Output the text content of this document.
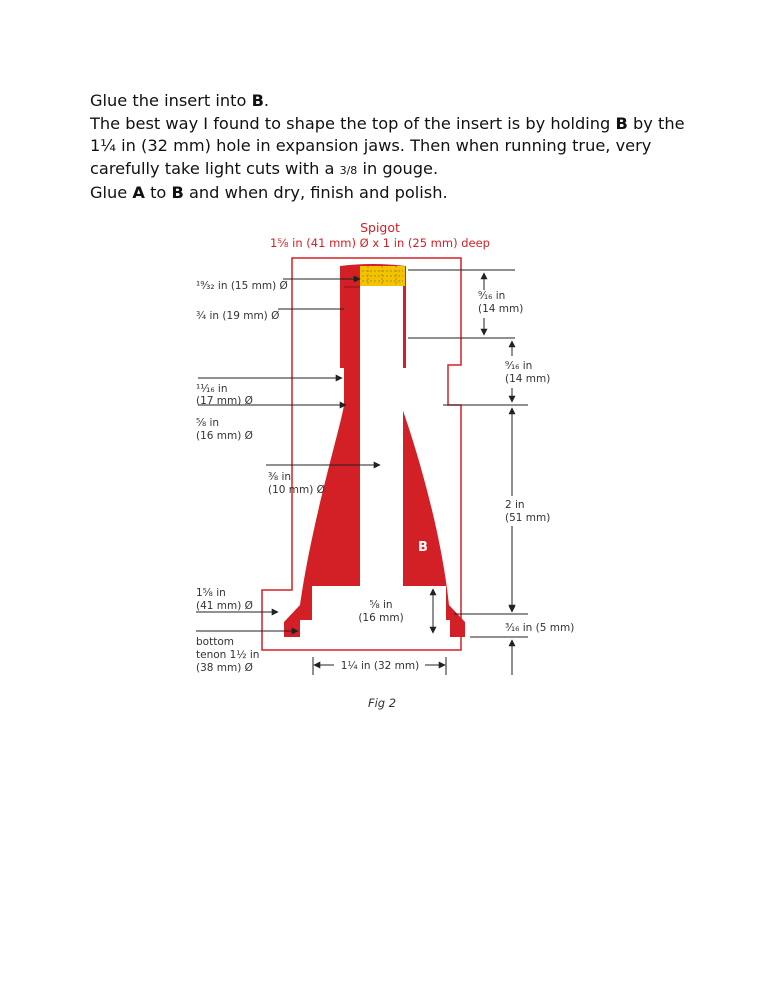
Glue the insert into B.
The best way I found to shape the top of the insert is by holding B by the
1¼ in (32 mm) hole in expansion jaws. Then when running true, very
carefully take light cuts with a 3/8 in gouge.
Glue A to B and when dry, finish and polish.
Spigot
1⅝ in (41 mm) Ø x 1 in (25 mm) deep
¹⁹⁄₃₂ in (15 mm) Ø
¾ in (19 mm) Ø
¹¹⁄₁₆ in
(17 mm) Ø
⅝ in
(16 mm) Ø
⅜ in
(10 mm) Ø
1⅝ in
(41 mm) Ø
bottom
tenon 1½ in
(38 mm) Ø
⁹⁄₁₆ in
(14 mm)
⁹⁄₁₆ in
(14 mm)
2 in
(51 mm)
³⁄₁₆ in (5 mm)
⅝ in
(16 mm)
B
1¼ in (32 mm)
Fig 2
